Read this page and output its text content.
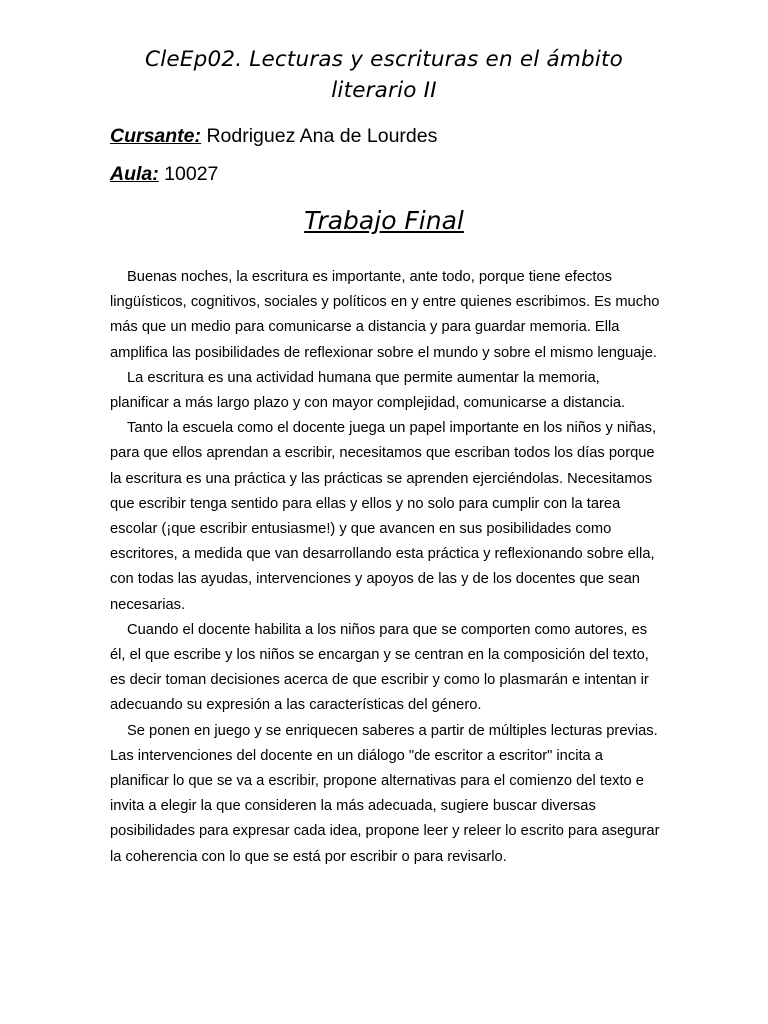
CleEp02. Lecturas y escrituras en el ámbito literario II
Cursante: Rodriguez Ana de Lourdes
Aula: 10027
Trabajo Final

Buenas noches, la escritura es importante, ante todo, porque tiene efectos lingüísticos, cognitivos, sociales y políticos en y entre quienes escribimos. Es mucho más que un medio para comunicarse a distancia y para guardar memoria. Ella amplifica las posibilidades de reflexionar sobre el mundo y sobre el mismo lenguaje.

La escritura es una actividad humana que permite aumentar la memoria, planificar a más largo plazo y con mayor complejidad, comunicarse a distancia.

Tanto la escuela como el docente juega un papel importante en los niños y niñas, para que ellos aprendan a escribir, necesitamos que escriban todos los días porque la escritura es una práctica y las prácticas se aprenden ejerciéndolas. Necesitamos que escribir tenga sentido para ellas y ellos y no solo para cumplir con la tarea escolar (¡que escribir entusiasme!) y que avancen en sus posibilidades como escritores, a medida que van desarrollando esta práctica y reflexionando sobre ella, con todas las ayudas, intervenciones y apoyos de las y de los docentes que sean necesarias.

Cuando el docente habilita a los niños para que se comporten como autores, es él, el que escribe y los niños se encargan y se centran en la composición del texto, es decir toman decisiones acerca de que escribir y como lo plasmarán e intentan ir adecuando su expresión a las características del género.

Se ponen en juego y se enriquecen saberes a partir de múltiples lecturas previas. Las intervenciones del docente en un diálogo "de escritor a escritor" incita a planificar lo que se va a escribir, propone alternativas para el comienzo del texto e invita a elegir la que consideren la más adecuada, sugiere buscar diversas posibilidades para expresar cada idea, propone leer y releer lo escrito para asegurar la coherencia con lo que se está por escribir o para revisarlo.
